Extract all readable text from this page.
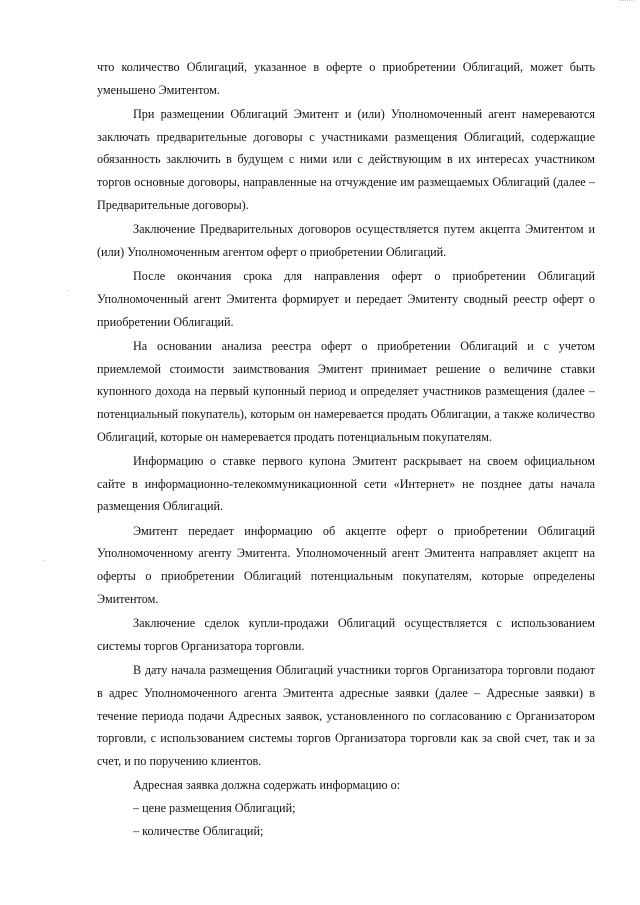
что количество Облигаций, указанное в оферте о приобретении Облигаций, может быть уменьшено Эмитентом.

При размещении Облигаций Эмитент и (или) Уполномоченный агент намереваются заключать предварительные договоры с участниками размещения Облигаций, содержащие обязанность заключить в будущем с ними или с действующим в их интересах участником торгов основные договоры, направленные на отчуждение им размещаемых Облигаций (далее – Предварительные договоры).

Заключение Предварительных договоров осуществляется путем акцепта Эмитентом и (или) Уполномоченным агентом оферт о приобретении Облигаций.

После окончания срока для направления оферт о приобретении Облигаций Уполномоченный агент Эмитента формирует и передает Эмитенту сводный реестр оферт о приобретении Облигаций.

На основании анализа реестра оферт о приобретении Облигаций и с учетом приемлемой стоимости заимствования Эмитент принимает решение о величине ставки купонного дохода на первый купонный период и определяет участников размещения (далее – потенциальный покупатель), которым он намеревается продать Облигации, а также количество Облигаций, которые он намеревается продать потенциальным покупателям.

Информацию о ставке первого купона Эмитент раскрывает на своем официальном сайте в информационно-телекоммуникационной сети «Интернет» не позднее даты начала размещения Облигаций.

Эмитент передает информацию об акцепте оферт о приобретении Облигаций Уполномоченному агенту Эмитента. Уполномоченный агент Эмитента направляет акцепт на оферты о приобретении Облигаций потенциальным покупателям, которые определены Эмитентом.

Заключение сделок купли-продажи Облигаций осуществляется с использованием системы торгов Организатора торговли.

В дату начала размещения Облигаций участники торгов Организатора торговли подают в адрес Уполномоченного агента Эмитента адресные заявки (далее – Адресные заявки) в течение периода подачи Адресных заявок, установленного по согласованию с Организатором торговли, с использованием системы торгов Организатора торговли как за свой счет, так и за счет, и по поручению клиентов.

Адресная заявка должна содержать информацию о:

– цене размещения Облигаций;

– количестве Облигаций;
